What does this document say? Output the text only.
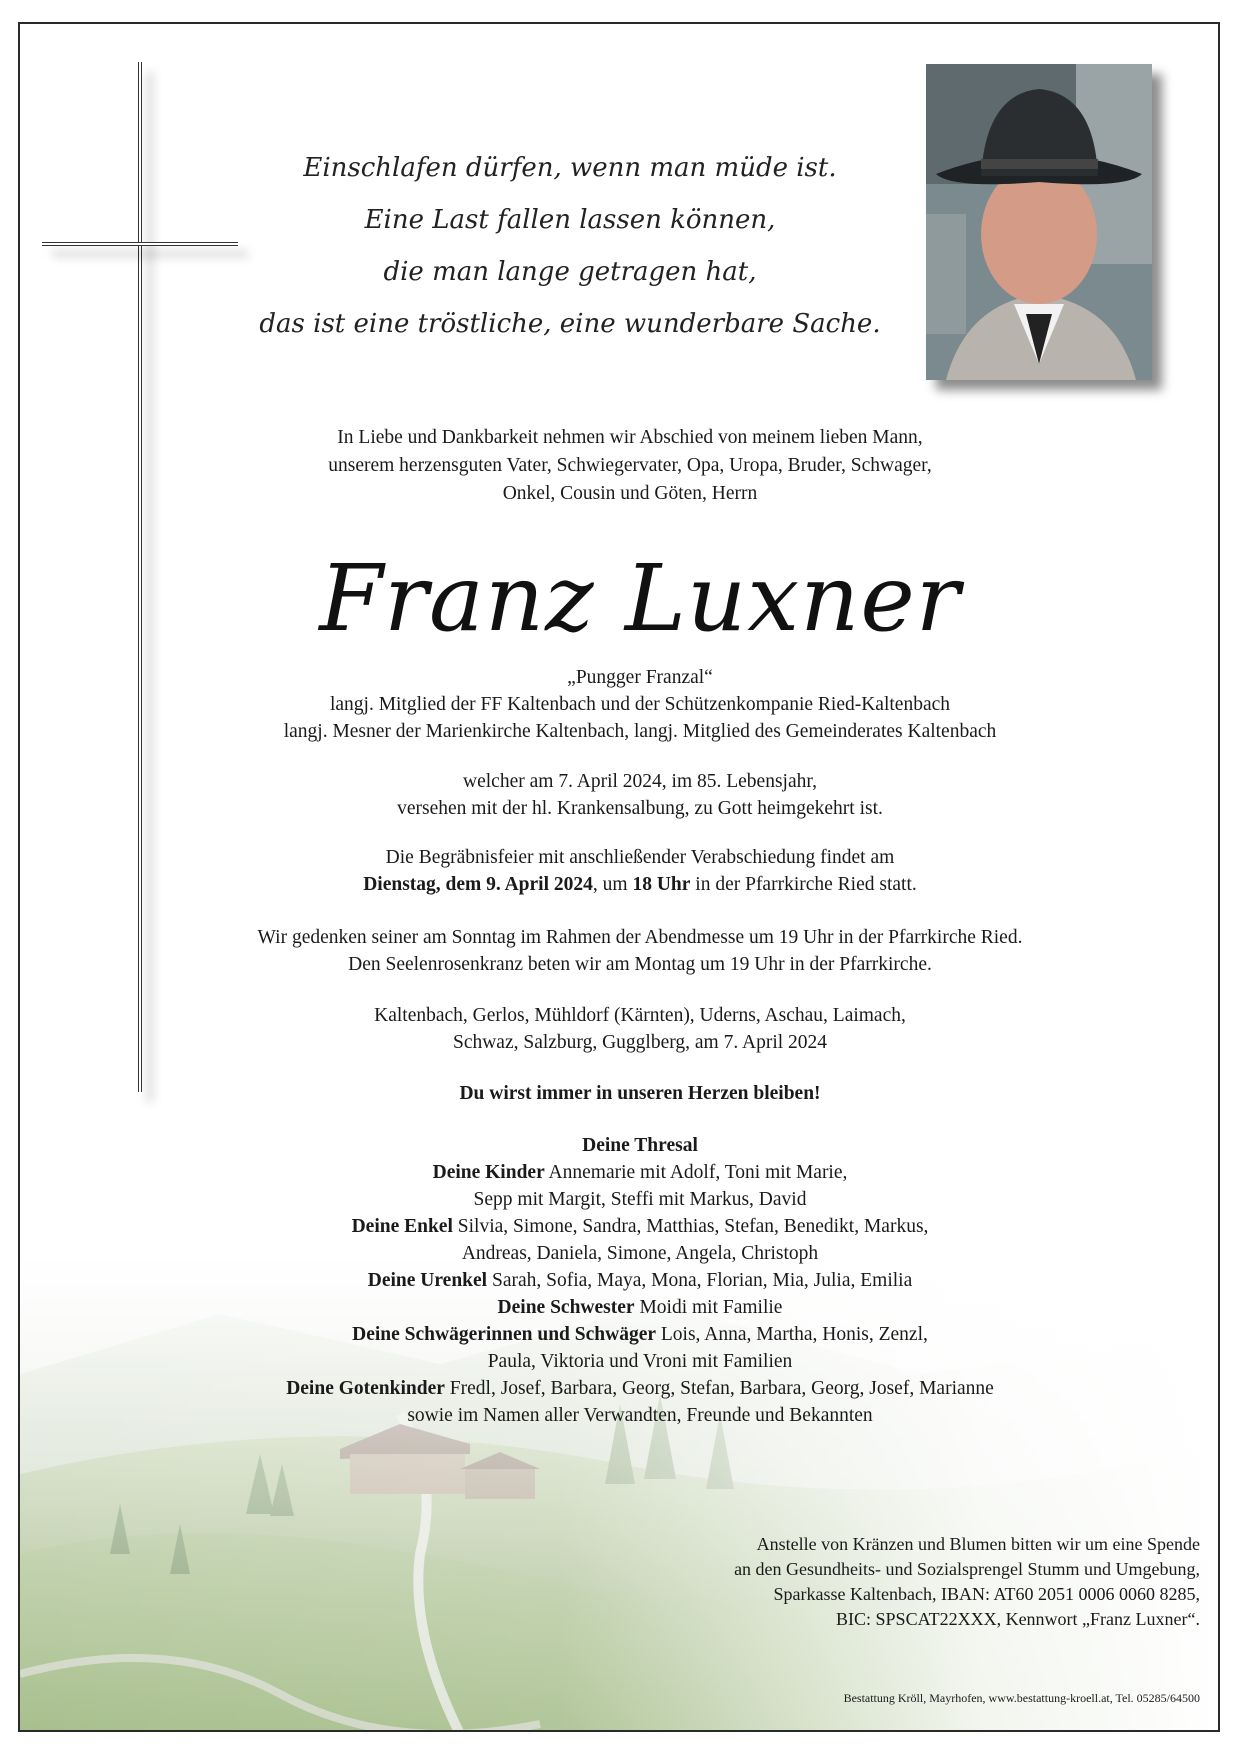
Einschlafen dürfen, wenn man müde ist.
Eine Last fallen lassen können,
die man lange getragen hat,
das ist eine tröstliche, eine wunderbare Sache.
In Liebe und Dankbarkeit nehmen wir Abschied von meinem lieben Mann,
unserem herzensguten Vater, Schwiegervater, Opa, Uropa, Bruder, Schwager,
Onkel, Cousin und Göten, Herrn
Franz Luxner
„Pungger Franzal“
langj. Mitglied der FF Kaltenbach und der Schützenkompanie Ried-Kaltenbach
langj. Mesner der Marienkirche Kaltenbach, langj. Mitglied des Gemeinderates Kaltenbach
welcher am 7. April 2024, im 85. Lebensjahr,
versehen mit der hl. Krankensalbung, zu Gott heimgekehrt ist.
Die Begräbnisfeier mit anschließender Verabschiedung findet am
Dienstag, dem 9. April 2024, um 18 Uhr in der Pfarrkirche Ried statt.
Wir gedenken seiner am Sonntag im Rahmen der Abendmesse um 19 Uhr in der Pfarrkirche Ried.
Den Seelenrosenkranz beten wir am Montag um 19 Uhr in der Pfarrkirche.
Kaltenbach, Gerlos, Mühldorf (Kärnten), Uderns, Aschau, Laimach,
Schwaz, Salzburg, Gugglberg, am 7. April 2024
Du wirst immer in unseren Herzen bleiben!
Deine Thresal
Deine Kinder Annemarie mit Adolf, Toni mit Marie,
Sepp mit Margit, Steffi mit Markus, David
Deine Enkel Silvia, Simone, Sandra, Matthias, Stefan, Benedikt, Markus,
Andreas, Daniela, Simone, Angela, Christoph
Deine Urenkel Sarah, Sofia, Maya, Mona, Florian, Mia, Julia, Emilia
Deine Schwester Moidi mit Familie
Deine Schwägerinnen und Schwäger Lois, Anna, Martha, Honis, Zenzl,
Paula, Viktoria und Vroni mit Familien
Deine Gotenkinder Fredl, Josef, Barbara, Georg, Stefan, Barbara, Georg, Josef, Marianne
sowie im Namen aller Verwandten, Freunde und Bekannten
Anstelle von Kränzen und Blumen bitten wir um eine Spende
an den Gesundheits- und Sozialsprengel Stumm und Umgebung,
Sparkasse Kaltenbach, IBAN: AT60 2051 0006 0060 8285,
BIC: SPSCAT22XXX, Kennwort „Franz Luxner“.
Bestattung Kröll, Mayrhofen, www.bestattung-kroell.at, Tel. 05285/64500
